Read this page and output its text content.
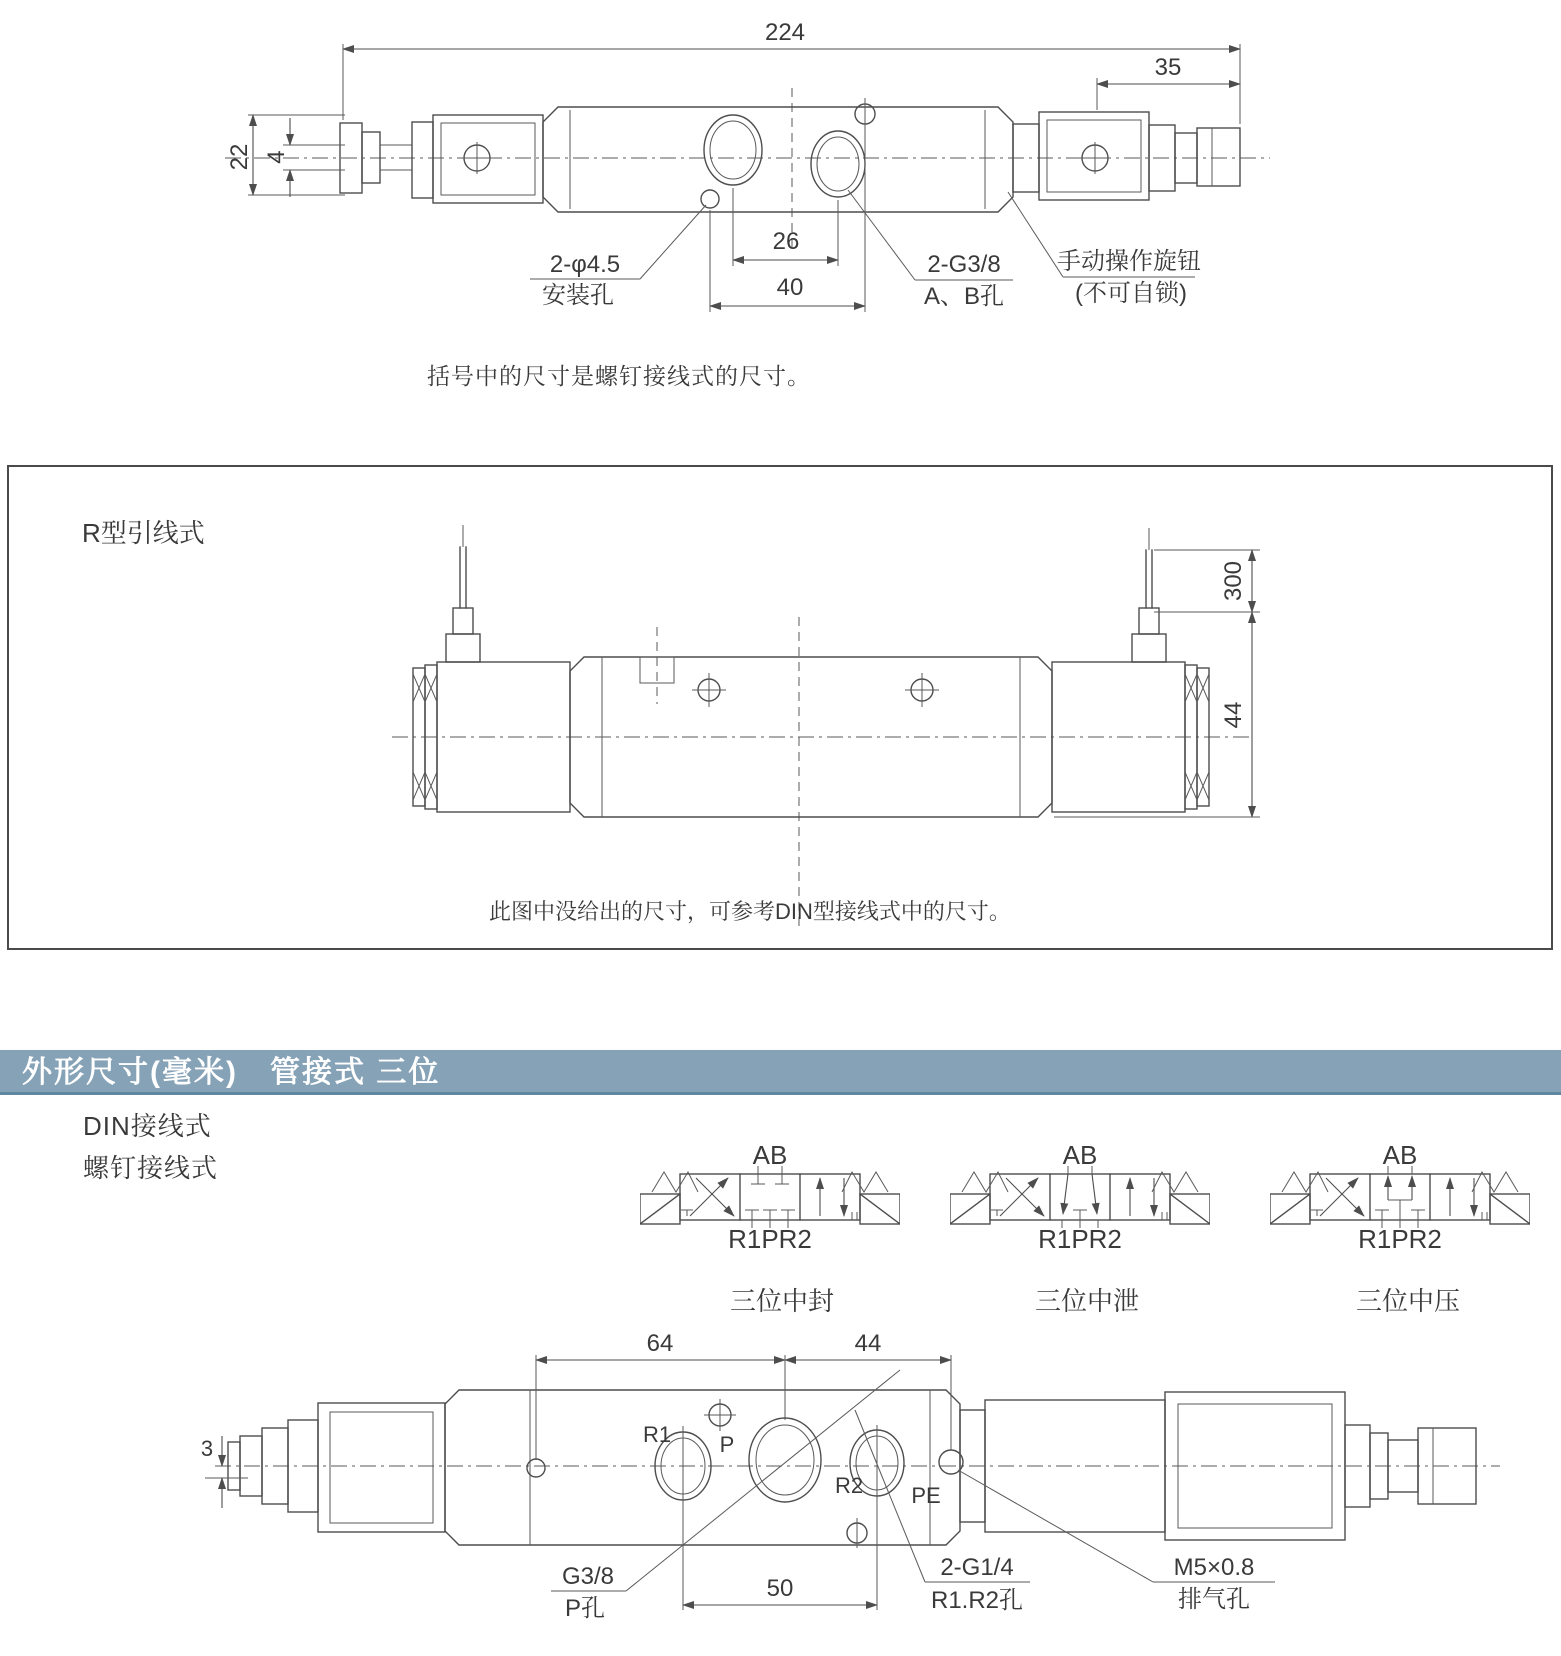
224
35
22 4
26
40
2-φ4.5
安装孔
2-G3/8
A、B孔
手动操作旋钮
(不可自锁)
括号中的尺寸是螺钉接线式的尺寸。
R型引线式
300
44
此图中没给出的尺寸，可参考DIN型接线式中的尺寸。
外形尺寸(毫米)　管接式 三位
DIN接线式
螺钉接线式	AB
R1PR2
三位中封
AB
R1PR2
三位中泄
AB
R1PR2
三位中压
64	44
3
50
R1 P
R2 PE
G3/8
P孔
2-G1/4
R1.R2孔
M5×0.8
排气孔
